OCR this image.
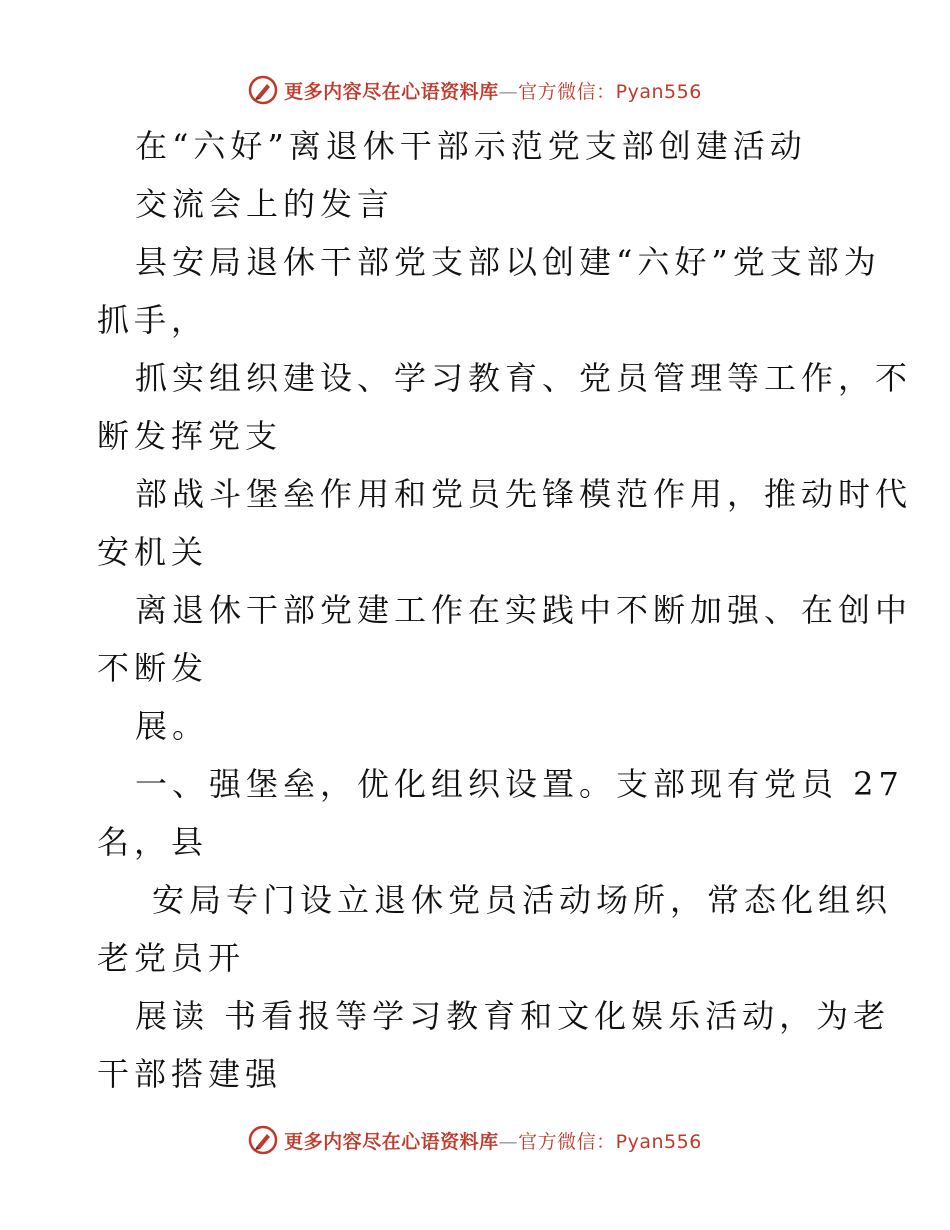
更多内容尽在心语资料库—官方微信：Pyan556
在“六好”离退休干部示范党支部创建活动
交流会上的发言
县安局退休干部党支部以创建“六好”党支部为
抓手，
抓实组织建设、学习教育、党员管理等工作，不
断发挥党支
部战斗堡垒作用和党员先锋模范作用，推动时代
安机关
离退休干部党建工作在实践中不断加强、在创中
不断发
展。
一、强堡垒，优化组织设置。支部现有党员 27
名，县
安局专门设立退休党员活动场所，常态化组织
老党员开
展读 书看报等学习教育和文化娱乐活动，为老
干部搭建强
更多内容尽在心语资料库—官方微信：Pyan556
